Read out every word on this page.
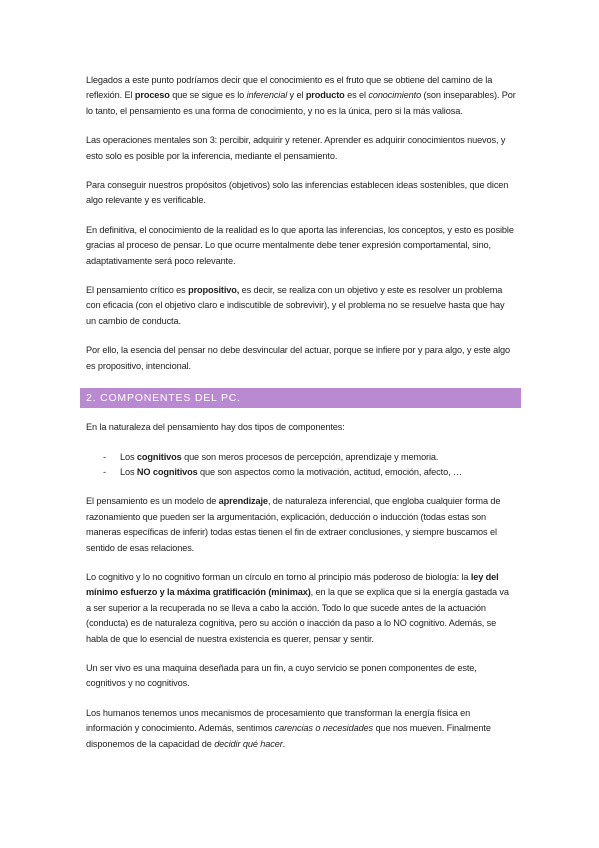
Llegados a este punto podríamos decir que el conocimiento es el fruto que se obtiene del camino de la reflexión. El proceso que se sigue es lo inferencial y el producto es el conocimiento (son inseparables). Por lo tanto, el pensamiento es una forma de conocimiento, y no es la única, pero si la más valiosa.

Las operaciones mentales son 3: percibir, adquirir y retener. Aprender es adquirir conocimientos nuevos, y esto solo es posible por la inferencia, mediante el pensamiento.

Para conseguir nuestros propósitos (objetivos) solo las inferencias establecen ideas sostenibles, que dicen algo relevante y es verificable.

En definitiva, el conocimiento de la realidad es lo que aporta las inferencias, los conceptos, y esto es posible gracias al proceso de pensar. Lo que ocurre mentalmente debe tener expresión comportamental, sino, adaptativamente será poco relevante.

El pensamiento crítico es propositivo, es decir, se realiza con un objetivo y este es resolver un problema con eficacia (con el objetivo claro e indiscutible de sobrevivir), y el problema no se resuelve hasta que hay un cambio de conducta.

Por ello, la esencia del pensar no debe desvincular del actuar, porque se infiere por y para algo, y este algo es propositivo, intencional.

2. COMPONENTES DEL PC.

En la naturaleza del pensamiento hay dos tipos de componentes:

- Los cognitivos que son meros procesos de percepción, aprendizaje y memoria.
- Los NO cognitivos que son aspectos como la motivación, actitud, emoción, afecto, …

El pensamiento es un modelo de aprendizaje, de naturaleza inferencial, que engloba cualquier forma de razonamiento que pueden ser la argumentación, explicación, deducción o inducción (todas estas son maneras específicas de inferir) todas estas tienen el fin de extraer conclusiones, y siempre buscamos el sentido de esas relaciones.

Lo cognitivo y lo no cognitivo forman un círculo en torno al principio más poderoso de biología: la ley del mínimo esfuerzo y la máxima gratificación (minimax), en la que se explica que si la energía gastada va a ser superior a la recuperada no se lleva a cabo la acción. Todo lo que sucede antes de la actuación (conducta) es de naturaleza cognitiva, pero su acción o inacción da paso a lo NO cognitivo. Además, se habla de que lo esencial de nuestra existencia es querer, pensar y sentir.

Un ser vivo es una maquina deseñada para un fin, a cuyo servicio se ponen componentes de este, cognitivos y no cognitivos.

Los humanos tenemos unos mecanismos de procesamiento que transforman la energía física en información y conocimiento. Además, sentimos carencias o necesidades que nos mueven. Finalmente disponemos de la capacidad de decidir qué hacer.
